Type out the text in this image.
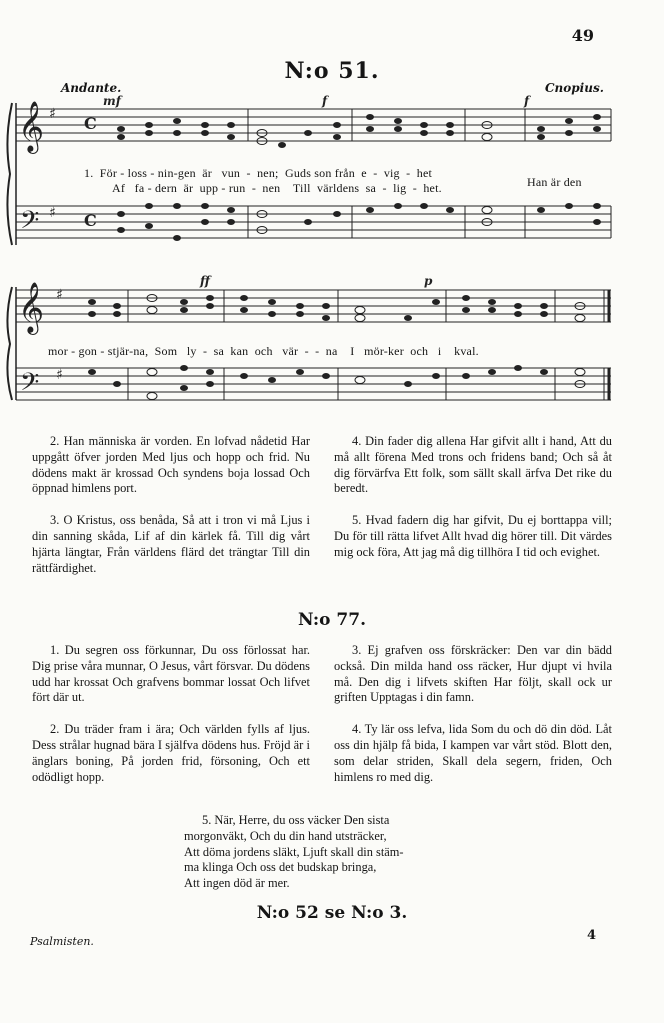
49
N:o 51.
Andante.	Cnopius.
𝄞
𝄢
♯
♯
C
C
mf	f	f
𝄞
𝄢
♯
♯
ff	p
1.  För - loss - nin-gen  är   vun  -  nen;  Guds son från  e  -  vig  -  het
Han är den
Af   fa - dern  är  upp - run  -  nen    Till  världens  sa  -  lig  -  het.
mor - gon - stjär-na,  Som   ly  -  sa  kan  och   vär  -  -  na    I   mör-ker  och   i    kval.

2. Han människa är vorden. En lofvad nådetid Har uppgått öfver jorden Med ljus och hopp och frid. Nu dödens makt är krossad Och syndens boja lossad Och öppnad himlens port.

3. O Kristus, oss benåda, Så att i tron vi må Ljus i din sanning skåda, Lif af din kärlek få. Till dig vårt hjärta längtar, Från världens flärd det trängtar Till din rättfärdighet.

4. Din fader dig allena Har gifvit allt i hand, Att du må allt förena Med trons och fridens band; Och så åt dig förvärfva Ett folk, som sällt skall ärfva Det rike du beredt.

5. Hvad fadern dig har gifvit, Du ej borttappa vill; Du för till rätta lifvet Allt hvad dig hörer till. Dit värdes mig ock föra, Att jag må dig tillhöra I tid och evighet.

N:o 77.

1. Du segren oss förkunnar, Du oss förlossat har. Dig prise våra munnar, O Jesus, vårt försvar. Du dödens udd har krossat Och grafvens bommar lossat Och lifvet fört där ut.

2. Du träder fram i ära; Och världen fylls af ljus. Dess strålar hugnad bära I själfva dödens hus. Fröjd är i änglars boning, På jorden frid, försoning, Och ett odödligt hopp.

3. Ej grafven oss förskräcker: Den var din bädd också. Din milda hand oss räcker, Hur djupt vi hvila må. Den dig i lifvets skiften Har följt, skall ock ur griften Upptagas i din famn.

4. Ty lär oss lefva, lida Som du och dö din död. Låt oss din hjälp få bida, I kampen var vårt stöd. Blott den, som delar striden, Skall dela segern, friden, Och himlens ro med dig.

5. När, Herre, du oss väcker Den sista
morgonväkt, Och du din hand utsträcker,
Att döma jordens släkt, Ljuft skall din stäm-
ma klinga Och oss det budskap bringa,
Att ingen död är mer.
N:o 52 se N:o 3.
Psalmisten.	4
